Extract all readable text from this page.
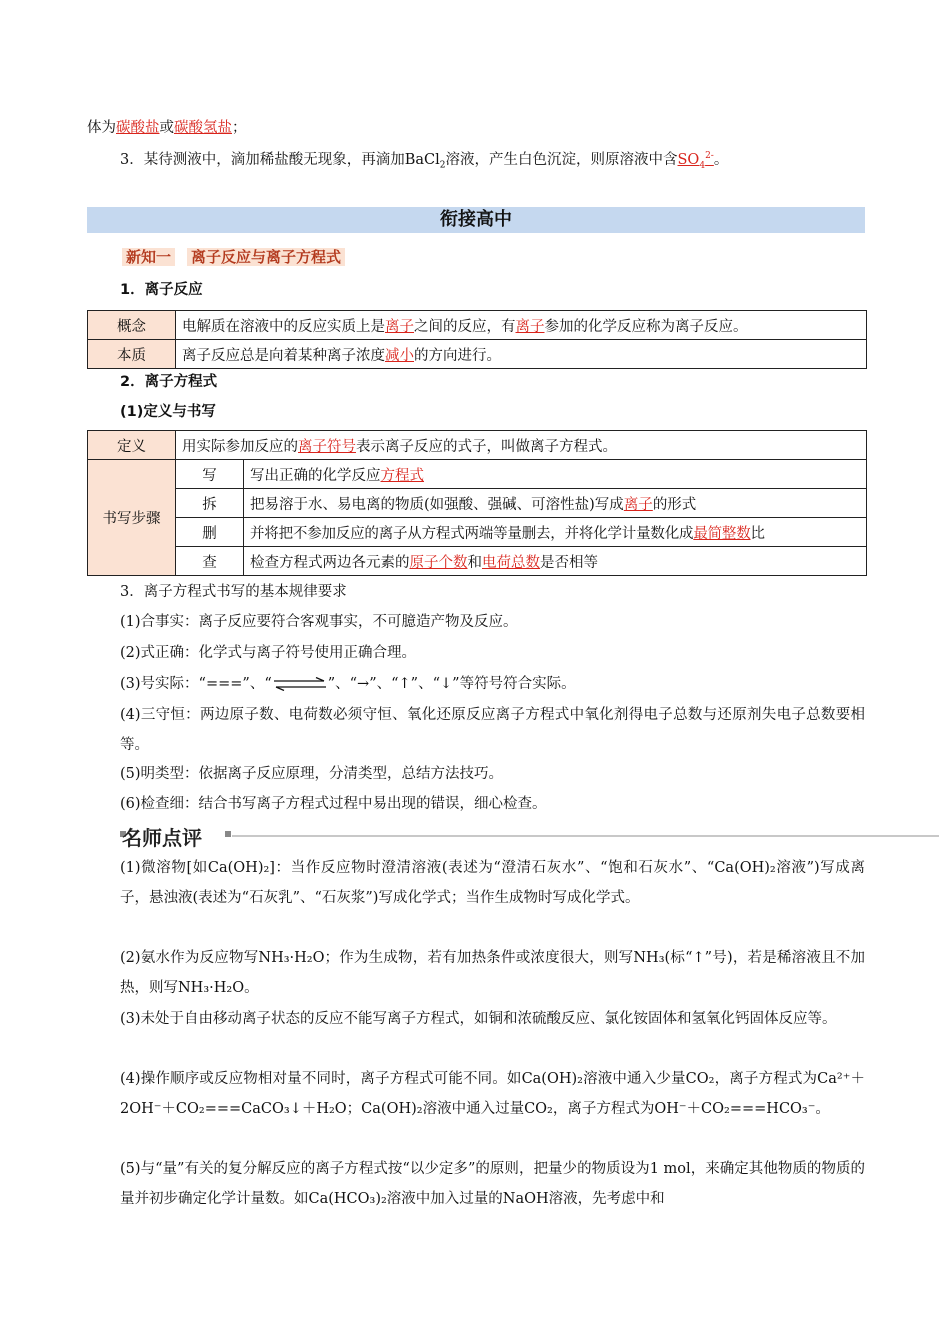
体为碳酸盐或碳酸氢盐；
3．某待测液中，滴加稀盐酸无现象，再滴加BaCl$_2$溶液，产生白色沉淀，则原溶液中含$SO_4^{2-}$。
衔接高中
新知一 离子反应与离子方程式
1．离子反应
概念	电解质在溶液中的反应实质上是离子之间的反应，有离子参加的化学反应称为离子反应。
本质	离子反应总是向着某种离子浓度减小的方向进行。
2．离子方程式
(1)定义与书写
定义	用实际参加反应的离子符号表示离子反应的式子，叫做离子方程式。	
书写步骤	写	写出正确的化学反应方程式
	拆	把易溶于水、易电离的物质(如强酸、强碱、可溶性盐)写成离子的形式
	删	并将把不参加反应的离子从方程式两端等量删去，并将化学计量数化成最简整数比
	查	检查方程式两边各元素的原子个数和电荷总数是否相等
3．离子方程式书写的基本规律要求
(1)合事实：离子反应要符合客观事实，不可臆造产物及反应。
(2)式正确：化学式与离子符号使用正确合理。
(3)号实际：“===”、“⇌”、“→”、“↑”、“↓”等符号符合实际。
(4)三守恒：两边原子数、电荷数必须守恒、氧化还原反应离子方程式中氧化剂得电子总数与还原剂失电子总数要相等。
(5)明类型：依据离子反应原理，分清类型，总结方法技巧。
(6)检查细：结合书写离子方程式过程中易出现的错误，细心检查。
名师点评
(1)微溶物[如Ca(OH)₂]：当作反应物时澄清溶液(表述为“澄清石灰水”、“饱和石灰水”、“Ca(OH)₂溶液”)写成离子，悬浊液(表述为“石灰乳”、“石灰浆”)写成化学式；当作生成物时写成化学式。
(2)氨水作为反应物写NH₃·H₂O；作为生成物，若有加热条件或浓度很大，则写NH₃(标“↑”号)，若是稀溶液且不加热，则写NH₃·H₂O。
(3)未处于自由移动离子状态的反应不能写离子方程式，如铜和浓硫酸反应、氯化铵固体和氢氧化钙固体反应等。
(4)操作顺序或反应物相对量不同时，离子方程式可能不同。如Ca(OH)₂溶液中通入少量CO₂，离子方程式为Ca²⁺＋2OH⁻＋CO₂===CaCO₃↓＋H₂O；Ca(OH)₂溶液中通入过量CO₂，离子方程式为OH⁻＋CO₂===HCO₃⁻。
(5)与“量”有关的复分解反应的离子方程式按“以少定多”的原则，把量少的物质设为1 mol，来确定其他物质的物质的量并初步确定化学计量数。如Ca(HCO₃)₂溶液中加入过量的NaOH溶液，先考虑中和
